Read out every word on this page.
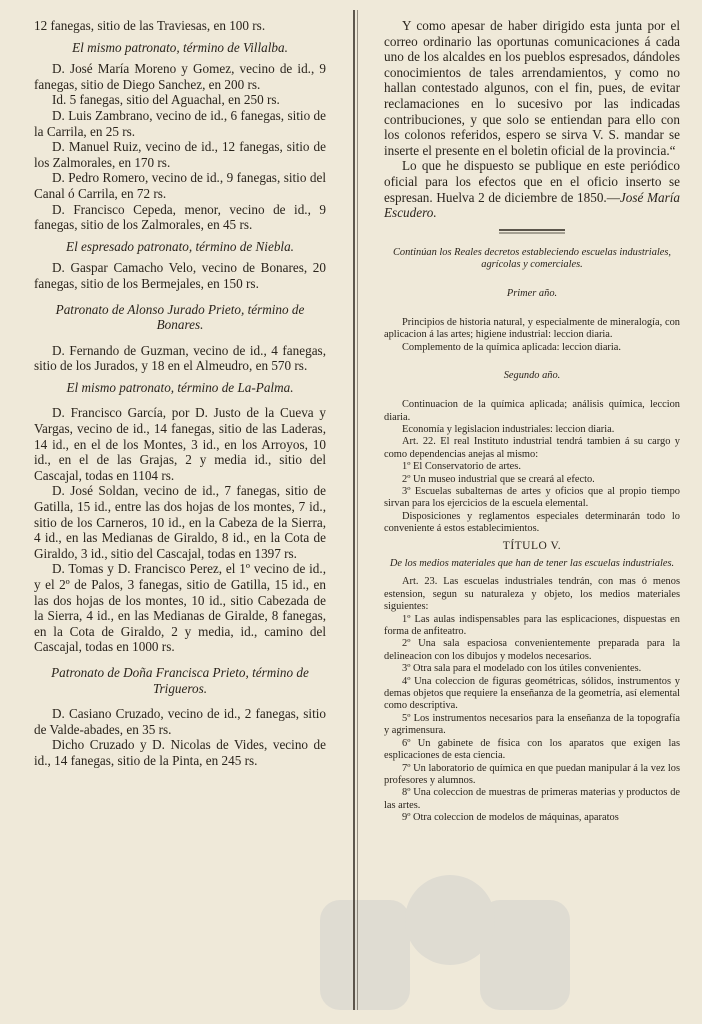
12 fanegas, sitio de las Traviesas, en 100 rs.

El mismo patronato, término de Villalba.

D. José María Moreno y Gomez, vecino de id., 9 fanegas, sitio de Diego Sanchez, en 200 rs.

Id. 5 fanegas, sitio del Aguachal, en 250 rs.

D. Luis Zambrano, vecino de id., 6 fanegas, sitio de la Carrila, en 25 rs.

D. Manuel Ruiz, vecino de id., 12 fanegas, sitio de los Zalmorales, en 170 rs.

D. Pedro Romero, vecino de id., 9 fanegas, sitio del Canal ó Carrila, en 72 rs.

D. Francisco Cepeda, menor, vecino de id., 9 fanegas, sitio de los Zalmorales, en 45 rs.

El espresado patronato, término de Niebla.

D. Gaspar Camacho Velo, vecino de Bonares, 20 fanegas, sitio de los Bermejales, en 150 rs.

Patronato de Alonso Jurado Prieto, término de Bonares.

D. Fernando de Guzman, vecino de id., 4 fanegas, sitio de los Jurados, y 18 en el Almeudro, en 570 rs.

El mismo patronato, término de La-Palma.

D. Francisco García, por D. Justo de la Cueva y Vargas, vecino de id., 14 fanegas, sitio de las Laderas, 14 id., en el de los Montes, 3 id., en los Arroyos, 10 id., en el de las Grajas, 2 y media id., sitio del Cascajal, todas en 1104 rs.

D. José Soldan, vecino de id., 7 fanegas, sitio de Gatilla, 15 id., entre las dos hojas de los montes, 7 id., sitio de los Carneros, 10 id., en la Cabeza de la Sierra, 4 id., en las Medianas de Giraldo, 8 id., en la Cota de Giraldo, 3 id., sitio del Cascajal, todas en 1397 rs.

D. Tomas y D. Francisco Perez, el 1º vecino de id., y el 2º de Palos, 3 fanegas, sitio de Gatilla, 15 id., en las dos hojas de los montes, 10 id., sitio Cabezada de la Sierra, 4 id., en las Medianas de Giralde, 8 fanegas, en la Cota de Giraldo, 2 y media, id., camino del Cascajal, todas en 1000 rs.

Patronato de Doña Francisca Prieto, término de Trigueros.

D. Casiano Cruzado, vecino de id., 2 fanegas, sitio de Valde-abades, en 35 rs.

Dicho Cruzado y D. Nicolas de Vides, vecino de id., 14 fanegas, sitio de la Pinta, en 245 rs.

Y como apesar de haber dirigido esta junta por el correo ordinario las oportunas comunicaciones á cada uno de los alcaldes en los pueblos espresados, dándoles conocimientos de tales arrendamientos, y como no hallan contestado algunos, con el fin, pues, de evitar reclamaciones en lo sucesivo por las indicadas contribuciones, y que solo se entiendan para ello con los colonos referidos, espero se sirva V. S. mandar se inserte el presente en el boletin oficial de la provincia.“

Lo que he dispuesto se publique en este periódico oficial para los efectos que en el oficio inserto se espresan. Huelva 2 de diciembre de 1850.—José María Escudero.

Continúan los Reales decretos estableciendo escuelas industriales, agrícolas y comerciales.

Primer año.

Principios de historia natural, y especialmente de mineralogía, con aplicacion á las artes; higiene industrial: leccion diaria.

Complemento de la química aplicada: leccion diaria.

Segundo año.

Continuacion de la química aplicada; análisis química, leccion diaria.

Economía y legislacion industriales: leccion diaria.

Art. 22. El real Instituto industrial tendrá tambien á su cargo y como dependencias anejas al mismo:

1º El Conservatorio de artes.

2º Un museo industrial que se creará al efecto.

3º Escuelas subalternas de artes y oficios que al propio tiempo sirvan para los ejercicios de la escuela elemental.

Disposiciones y reglamentos especiales determinarán todo lo conveniente á estos establecimientos.

TÍTULO V.

De los medios materiales que han de tener las escuelas industriales.

Art. 23. Las escuelas industriales tendrán, con mas ó menos estension, segun su naturaleza y objeto, los medios materiales siguientes:

1º Las aulas indispensables para las esplicaciones, dispuestas en forma de anfiteatro.

2º Una sala espaciosa convenientemente preparada para la delineacion con los dibujos y modelos necesarios.

3º Otra sala para el modelado con los útiles convenientes.

4º Una coleccion de figuras geométricas, sólidos, instrumentos y demas objetos que requiere la enseñanza de la geometría, así elemental como descriptiva.

5º Los instrumentos necesarios para la enseñanza de la topografía y agrimensura.

6º Un gabinete de física con los aparatos que exigen las esplicaciones de esta ciencia.

7º Un laboratorio de química en que puedan manipular á la vez los profesores y alumnos.

8º Una coleccion de muestras de primeras materias y productos de las artes.

9º Otra coleccion de modelos de máquinas, aparatos
